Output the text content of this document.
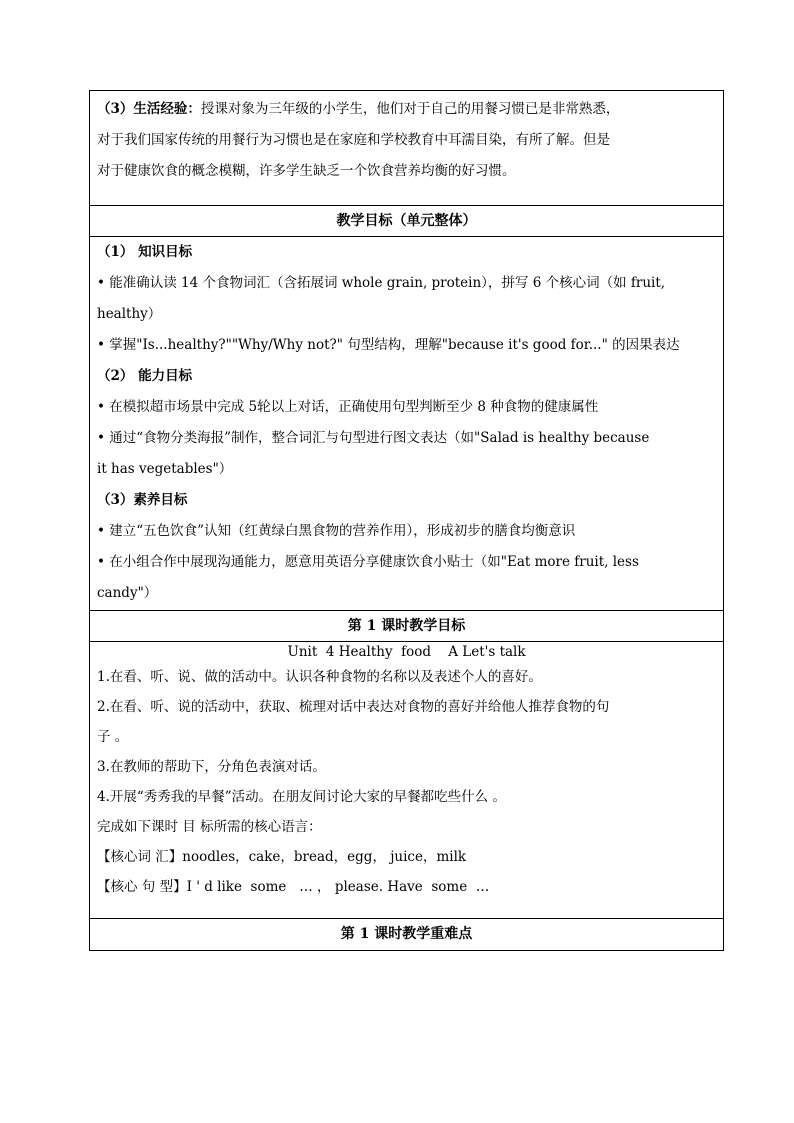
（3）生活经验：授课对象为三年级的小学生，他们对于自己的用餐习惯已是非常熟悉，
对于我们国家传统的用餐行为习惯也是在家庭和学校教育中耳濡目染，有所了解。但是
对于健康饮食的概念模糊，许多学生缺乏一个饮食营养均衡的好习惯。
教学目标（单元整体）
（1） 知识目标
• 能准确认读 14 个食物词汇（含拓展词 whole grain, protein），拼写 6 个核心词（如 fruit,
healthy）
• 掌握"Is...healthy?""Why/Why not?" 句型结构，理解"because it's good for..." 的因果表达
（2） 能力目标
• 在模拟超市场景中完成 5轮以上对话，正确使用句型判断至少 8 种食物的健康属性
• 通过“食物分类海报”制作，整合词汇与句型进行图文表达（如"Salad is healthy because
it has vegetables"）
（3）素养目标
• 建立“五色饮食”认知（红黄绿白黑食物的营养作用），形成初步的膳食均衡意识
• 在小组合作中展现沟通能力，愿意用英语分享健康饮食小贴士（如"Eat more fruit, less
candy"）
第 1 课时教学目标
Unit  4 Healthy  food    A Let's talk
1.在看、听、说、做的活动中。认识各种食物的名称以及表述个人的喜好。
2.在看、听、说的活动中，获取、梳理对话中表达对食物的喜好并给他人推荐食物的句
子 。
3.在教师的帮助下，分角色表演对话。
4.开展“秀秀我的早餐”活动。在朋友间讨论大家的早餐都吃些什么 。
完成如下课时 目 标所需的核心语言：
【核心词 汇】noodles，cake，bread，egg， juice，milk
【核心 句 型】I ' d like  some   … ， please. Have  some  …
第 1 课时教学重难点
